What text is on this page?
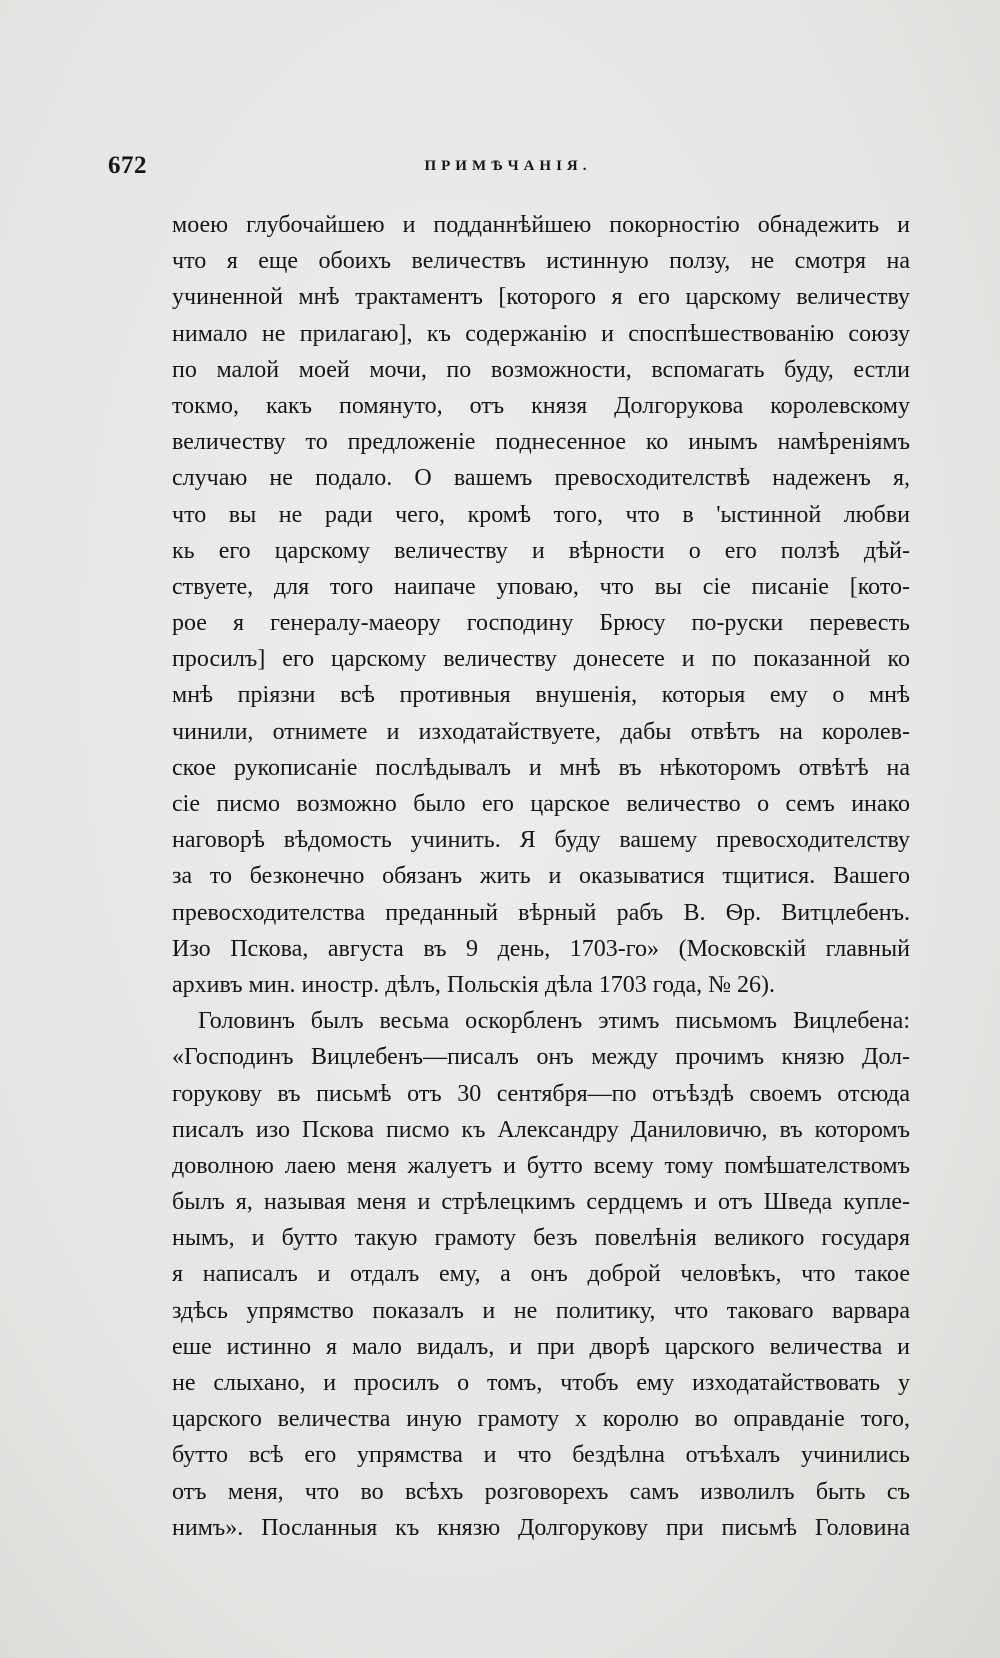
672	ПРИМѢЧАНІЯ.
моею глубочайшею и подданнѣйшею покорностію обнадежить и
что я еще обоихъ величествъ истинную ползу, не смотря на
учиненной мнѣ трактаментъ [которого я его царскому величеству
нимало не прилагаю], къ содержанію и споспѣшествованію союзу
по малой моей мочи, по возможности, вспомагать буду, естли
токмо, какъ помянуто, отъ князя Долгорукова королевскому
величеству то предложеніе поднесенное ко инымъ намѣреніямъ
случаю не подало. О вашемъ превосходителствѣ надеженъ я,
что вы не ради чего, кромѣ того, что в 'ыстинной любви
кь его царскому величеству и вѣрности о его ползѣ дѣй-
ствуете, для того наипаче уповаю, что вы сіе писаніе [кото-
рое я генералу-маеору господину Брюсу по-руски перевесть
просилъ] его царскому величеству донесете и по показанной ко
мнѣ пріязни всѣ противныя внушенія, которыя ему о мнѣ
чинили, отнимете и изходатайствуете, дабы отвѣтъ на королев-
ское рукописаніе послѣдывалъ и мнѣ въ нѣкоторомъ отвѣтѣ на
сіе писмо возможно было его царское величество о семъ инако
наговорѣ вѣдомость учинить. Я буду вашему превосходителству
за то безконечно обязанъ жить и оказыватися тщитися. Вашего
превосходителства преданный вѣрный рабъ В. Ѳр. Витцлебенъ.
Изо Пскова, августа въ 9 день, 1703-го» (Московскій главный
архивъ мин. иностр. дѣлъ, Польскія дѣла 1703 года, № 26).
Головинъ былъ весьма оскорбленъ этимъ письмомъ Вицлебена:
«Господинъ Вицлебенъ—писалъ онъ между прочимъ князю Дол-
горукову въ письмѣ отъ 30 сентября—по отъѣздѣ своемъ отсюда
писалъ изо Пскова писмо къ Александру Даниловичю, въ которомъ
доволною лаею меня жалуетъ и бутто всему тому помѣшателствомъ
былъ я, называя меня и стрѣлецкимъ сердцемъ и отъ Шведа купле-
нымъ, и бутто такую грамоту безъ повелѣнія великого государя
я написалъ и отдалъ ему, а онъ доброй человѣкъ, что такое
здѣсь упрямство показалъ и не политику, что таковаго варвара
еше истинно я мало видалъ, и при дворѣ царского величества и
не слыхано, и просилъ о томъ, чтобъ ему изходатайствовать у
царского величества иную грамоту х королю во оправданіе того,
бутто всѣ его упрямства и что бездѣлна отъѣхалъ учинились
отъ меня, что во всѣхъ розговорехъ самъ изволилъ быть съ
нимъ». Посланныя къ князю Долгорукову при письмѣ Головина
